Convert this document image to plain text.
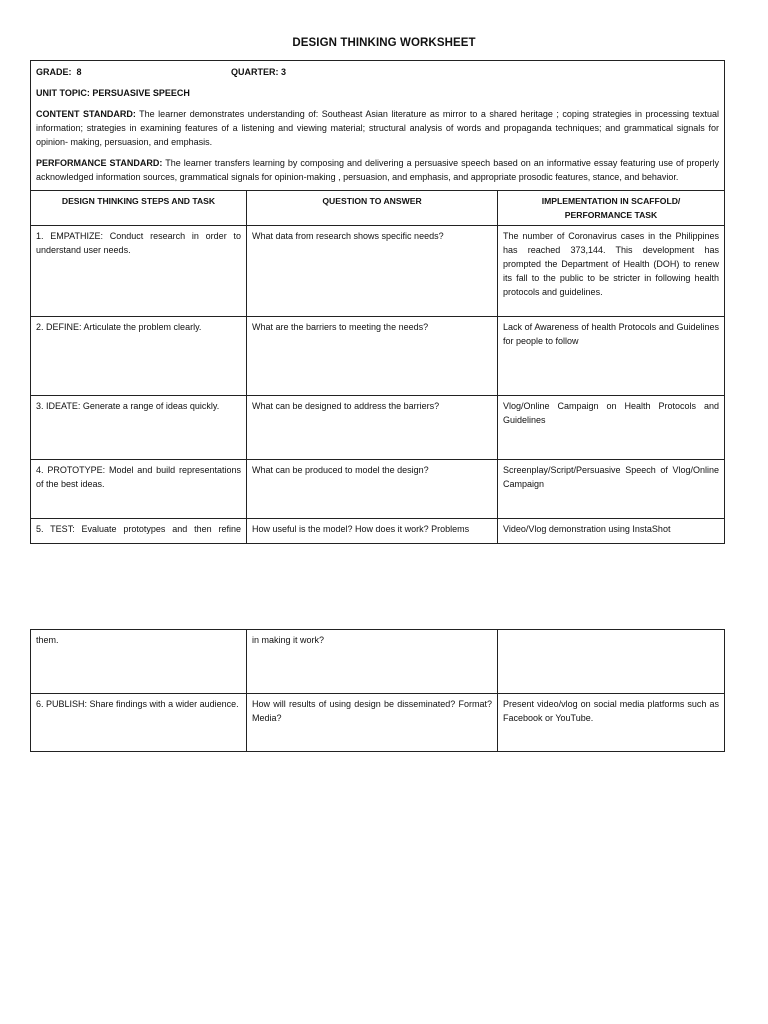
DESIGN THINKING WORKSHEET
GRADE: 8 QUARTER: 3
UNIT TOPIC: PERSUASIVE SPEECH
CONTENT STANDARD: The learner demonstrates understanding of: Southeast Asian literature as mirror to a shared heritage ; coping strategies in processing textual information; strategies in examining features of a listening and viewing material; structural analysis of words and propaganda techniques; and grammatical signals for opinion- making, persuasion, and emphasis.
PERFORMANCE STANDARD: The learner transfers learning by composing and delivering a persuasive speech based on an informative essay featuring use of properly acknowledged information sources, grammatical signals for opinion-making , persuasion, and emphasis, and appropriate prosodic features, stance, and behavior.		

DESIGN THINKING STEPS AND TASK	QUESTION TO ANSWER	IMPLEMENTATION IN SCAFFOLD/
PERFORMANCE TASK

1. EMPATHIZE: Conduct research in order to understand user needs.	What data from research shows specific needs?	The number of Coronavirus cases in the Philippines has reached 373,144. This development has prompted the Department of Health (DOH) to renew its fall to the public to be stricter in following health protocols and guidelines.
2. DEFINE: Articulate the problem clearly.	What are the barriers to meeting the needs?	Lack of Awareness of health Protocols and Guidelines for people to follow
3. IDEATE: Generate a range of ideas quickly.	What can be designed to address the barriers?	Vlog/Online Campaign on Health Protocols and Guidelines
4. PROTOTYPE: Model and build representations of the best ideas.	What can be produced to model the design?	Screenplay/Script/Persuasive Speech of Vlog/Online Campaign
5. TEST: Evaluate prototypes and then refine	How useful is the model? How does it work? Problems	Video/Vlog demonstration using InstaShot
them.	in making it work?	
6. PUBLISH: Share findings with a wider audience.	How will results of using design be disseminated? Format? Media?	Present video/vlog on social media platforms such as Facebook or YouTube.
